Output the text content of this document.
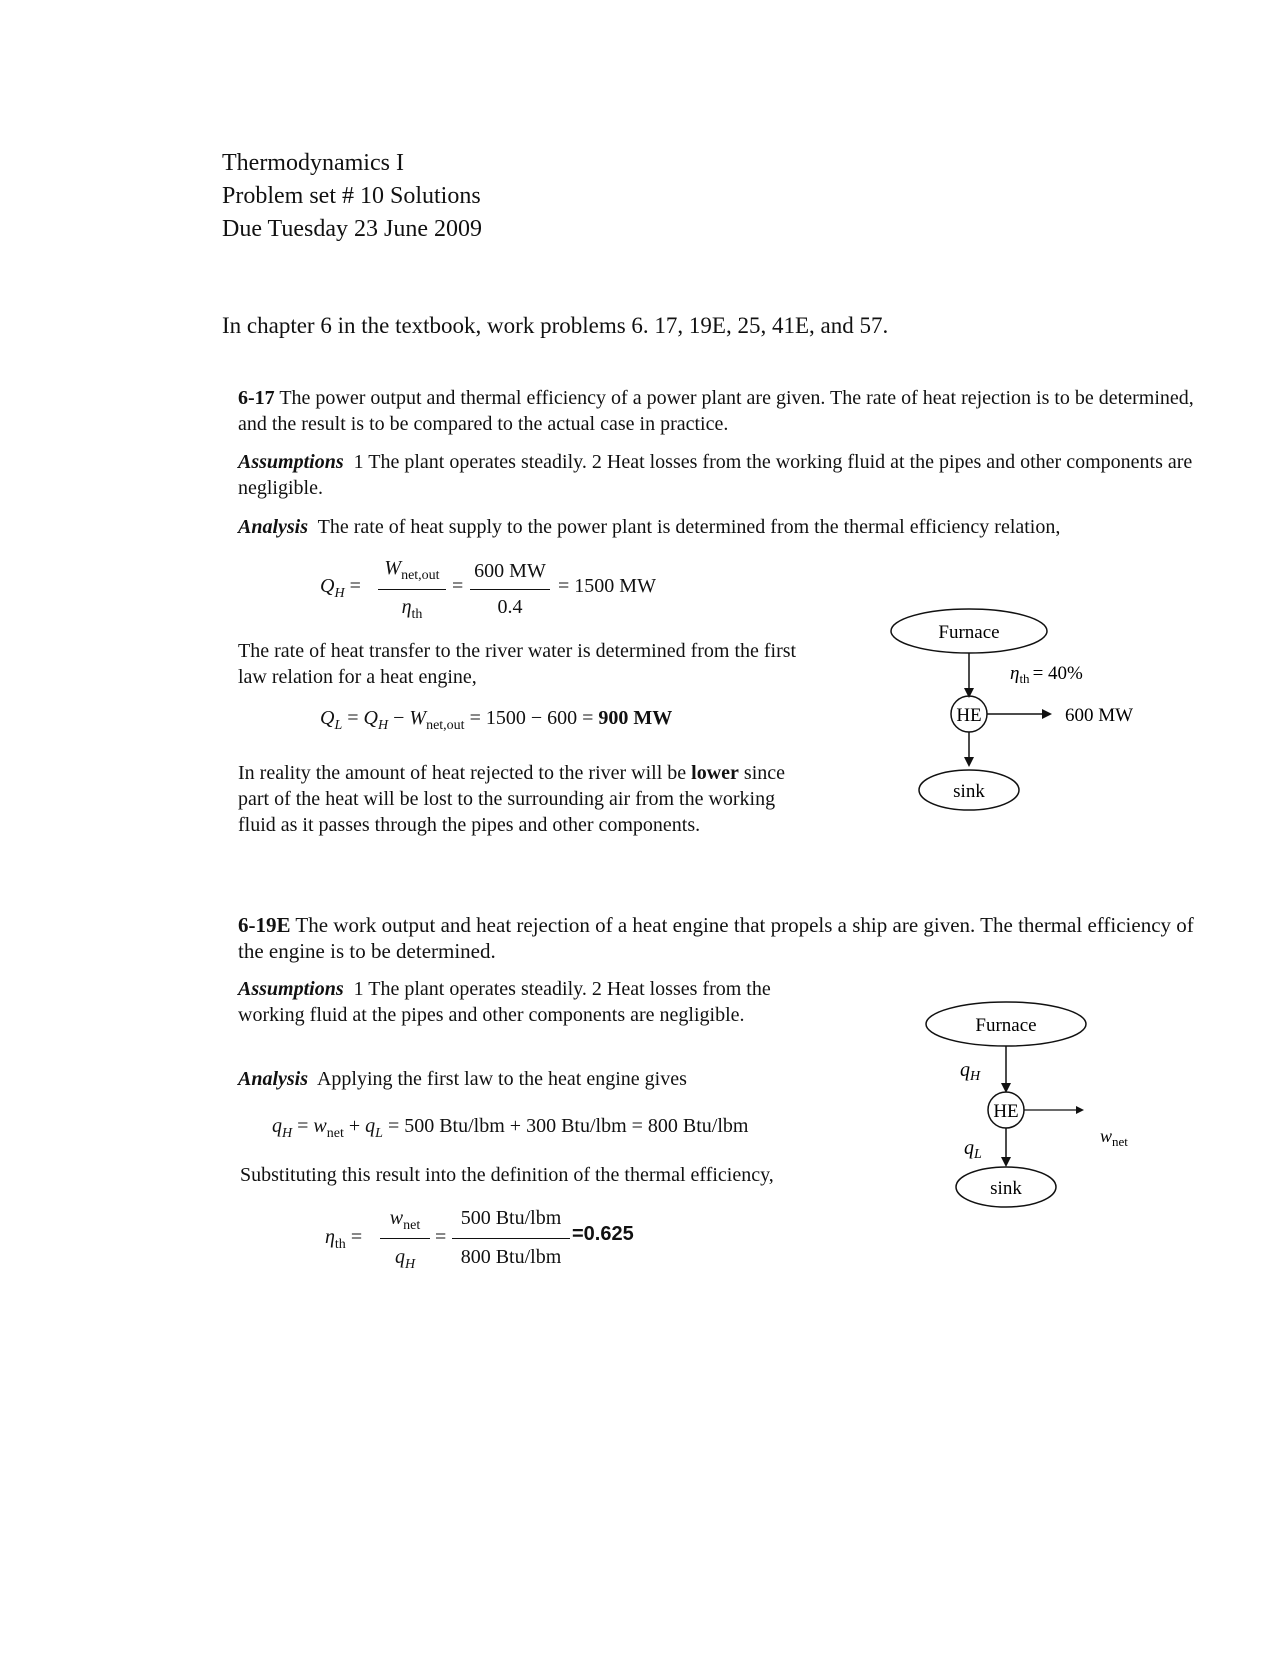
Thermodynamics I
Problem set # 10 Solutions
Due Tuesday 23 June 2009
In chapter 6 in the textbook, work problems 6. 17, 19E, 25, 41E, and 57.
6-17 The power output and thermal efficiency of a power plant are given. The rate of heat rejection is to be determined, and the result is to be compared to the actual case in practice.
Assumptions 1 The plant operates steadily. 2 Heat losses from the working fluid at the pipes and other components are negligible.
Analysis The rate of heat supply to the power plant is determined from the thermal efficiency relation,
$Q_H$ =
$W_{net,out}$
$\eta_{th}$
=
600 MW
0.4
= 1500 MW
The rate of heat transfer to the river water is determined from the first law relation for a heat engine,
$Q_L = Q_H - W_{net,out} = 1500 - 600 = 900$ MW
In reality the amount of heat rejected to the river will be lower since part of the heat will be lost to the surrounding air from the working fluid as it passes through the pipes and other components.
Furnace
HE	600 MW
$\eta_{th} = 40\%$
sink
6-19E The work output and heat rejection of a heat engine that propels a ship are given. The thermal efficiency of the engine is to be determined.
Assumptions 1 The plant operates steadily. 2 Heat losses from the working fluid at the pipes and other components are negligible.
Analysis Applying the first law to the heat engine gives
$q_H = w_{net} + q_L = 500$ Btu/lbm + 300 Btu/lbm = 800 Btu/lbm
Substituting this result into the definition of the thermal efficiency,
$\eta_{th}$ =
$w_{net}$
$q_H$
=
500 Btu/lbm
800 Btu/lbm
=0.625
Furnace
$q_H$
HE
$w_{net}$
$q_L$
sink
